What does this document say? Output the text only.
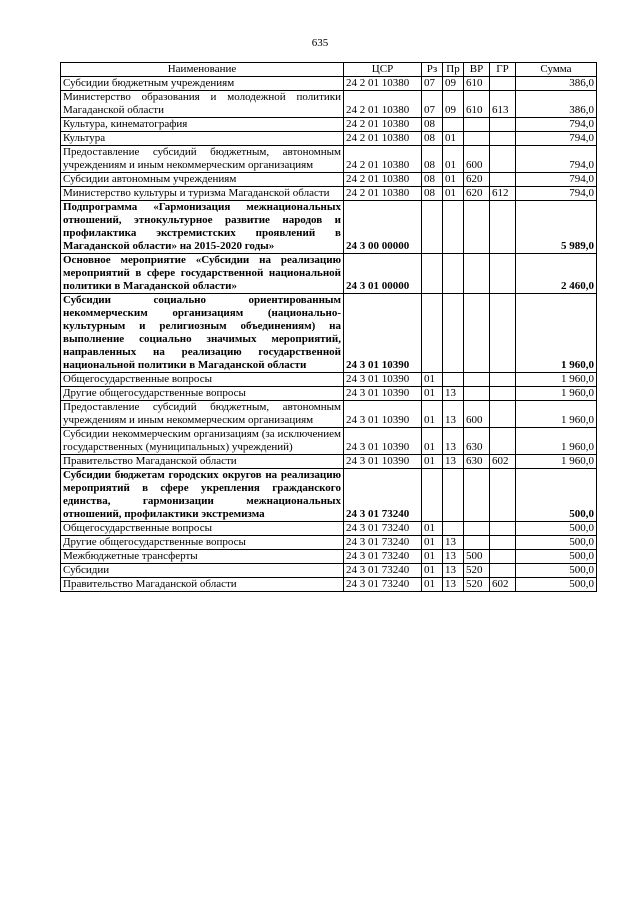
635
Наименование	ЦСР	Рз	Пр	ВР	ГР	Сумма
Субсидии бюджетным учреждениям	24 2 01 10380	07	09	610		386,0
Министерство образования и молодежной политики Магаданской области	24 2 01 10380	07	09	610	613	386,0
Культура, кинематография	24 2 01 10380	08				794,0
Культура	24 2 01 10380	08	01			794,0
Предоставление субсидий бюджетным, автономным учреждениям и иным некоммерческим организациям	24 2 01 10380	08	01	600		794,0
Субсидии автономным учреждениям	24 2 01 10380	08	01	620		794,0
Министерство культуры и туризма Магаданской области	24 2 01 10380	08	01	620	612	794,0
Подпрограмма «Гармонизация межнациональных отношений, этнокультурное развитие народов и профилактика экстремистских проявлений в Магаданской области» на 2015-2020 годы»	24 3 00 00000					5 989,0
Основное мероприятие «Субсидии на реализацию мероприятий в сфере государственной национальной политики в Магаданской области»	24 3 01 00000					2 460,0
Субсидии социально ориентированным некоммерческим организациям (национально-культурным и религиозным объединениям) на выполнение социально значимых мероприятий, направленных на реализацию государственной национальной политики в Магаданской области	24 3 01 10390					1 960,0
Общегосударственные вопросы	24 3 01 10390	01				1 960,0
Другие общегосударственные вопросы	24 3 01 10390	01	13			1 960,0
Предоставление субсидий бюджетным, автономным учреждениям и иным некоммерческим организациям	24 3 01 10390	01	13	600		1 960,0
Субсидии некоммерческим организациям (за исключением государственных (муниципальных) учреждений)	24 3 01 10390	01	13	630		1 960,0
Правительство Магаданской области	24 3 01 10390	01	13	630	602	1 960,0
Субсидии бюджетам городских округов на реализацию мероприятий в сфере укрепления гражданского единства, гармонизации межнациональных отношений, профилактики экстремизма	24 3 01 73240					500,0
Общегосударственные вопросы	24 3 01 73240	01				500,0
Другие общегосударственные вопросы	24 3 01 73240	01	13			500,0
Межбюджетные трансферты	24 3 01 73240	01	13	500		500,0
Субсидии	24 3 01 73240	01	13	520		500,0
Правительство Магаданской области	24 3 01 73240	01	13	520	602	500,0
